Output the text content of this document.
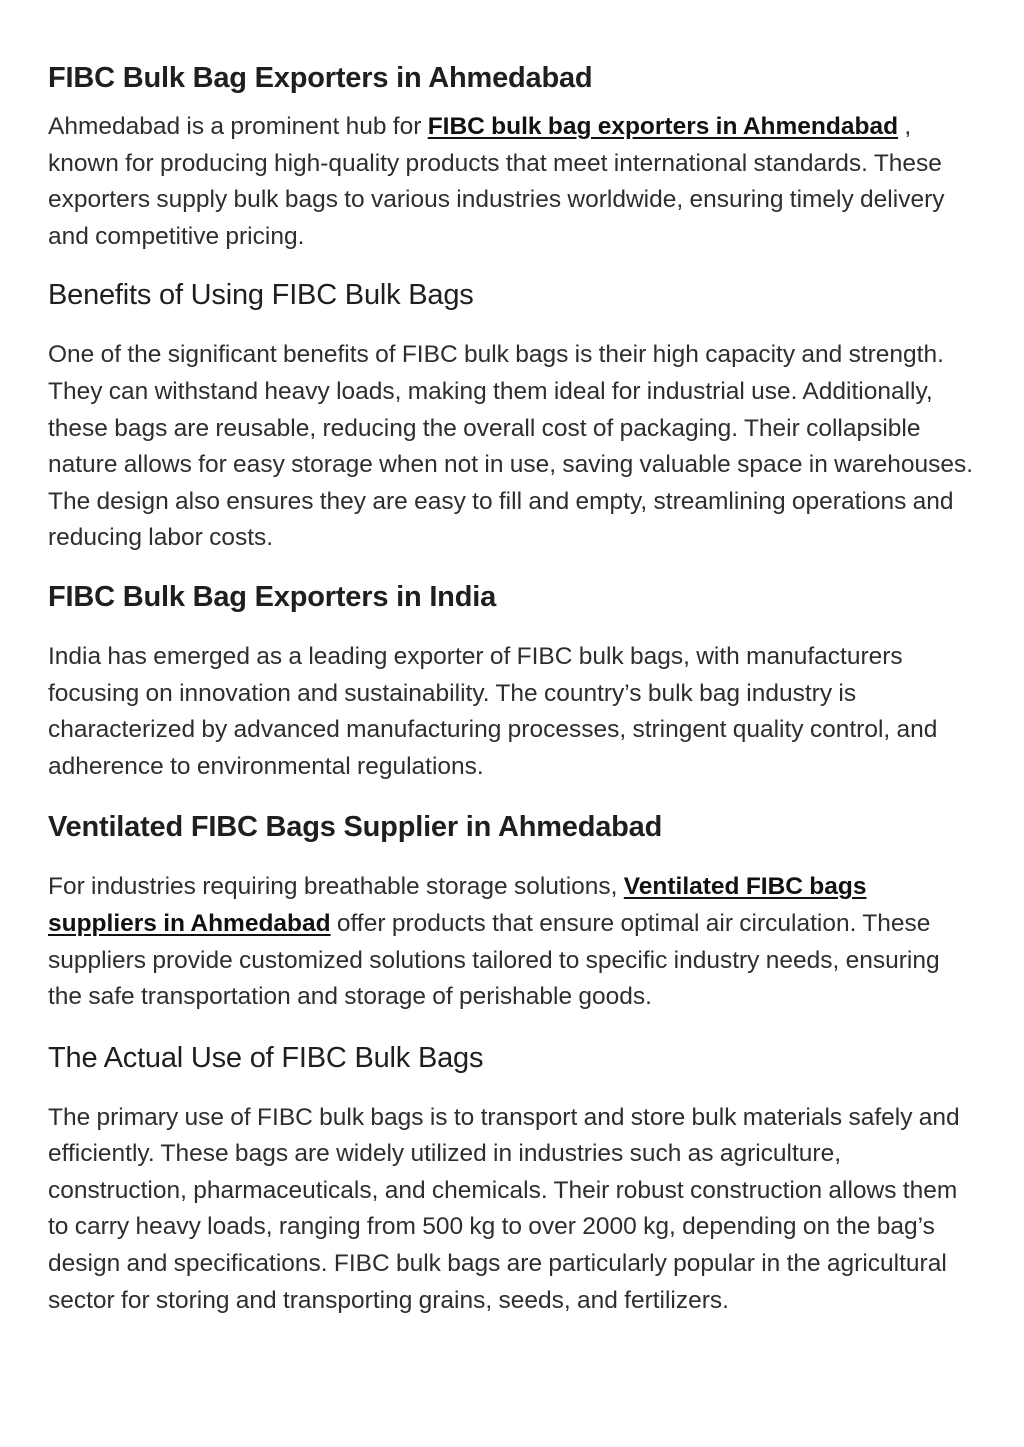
FIBC Bulk Bag Exporters in Ahmedabad

Ahmedabad is a prominent hub for FIBC bulk bag exporters in Ahmendabad , known for producing high-quality products that meet international standards. These exporters supply bulk bags to various industries worldwide, ensuring timely delivery and competitive pricing.

Benefits of Using FIBC Bulk Bags

One of the significant benefits of FIBC bulk bags is their high capacity and strength. They can withstand heavy loads, making them ideal for industrial use. Additionally, these bags are reusable, reducing the overall cost of packaging. Their collapsible nature allows for easy storage when not in use, saving valuable space in warehouses. The design also ensures they are easy to fill and empty, streamlining operations and reducing labor costs.

FIBC Bulk Bag Exporters in India

India has emerged as a leading exporter of FIBC bulk bags, with manufacturers focusing on innovation and sustainability. The country’s bulk bag industry is characterized by advanced manufacturing processes, stringent quality control, and adherence to environmental regulations.

Ventilated FIBC Bags Supplier in Ahmedabad

For industries requiring breathable storage solutions, Ventilated FIBC bags suppliers in Ahmedabad offer products that ensure optimal air circulation. These suppliers provide customized solutions tailored to specific industry needs, ensuring the safe transportation and storage of perishable goods.

The Actual Use of FIBC Bulk Bags

The primary use of FIBC bulk bags is to transport and store bulk materials safely and efficiently. These bags are widely utilized in industries such as agriculture, construction, pharmaceuticals, and chemicals. Their robust construction allows them to carry heavy loads, ranging from 500 kg to over 2000 kg, depending on the bag’s design and specifications. FIBC bulk bags are particularly popular in the agricultural sector for storing and transporting grains, seeds, and fertilizers.
